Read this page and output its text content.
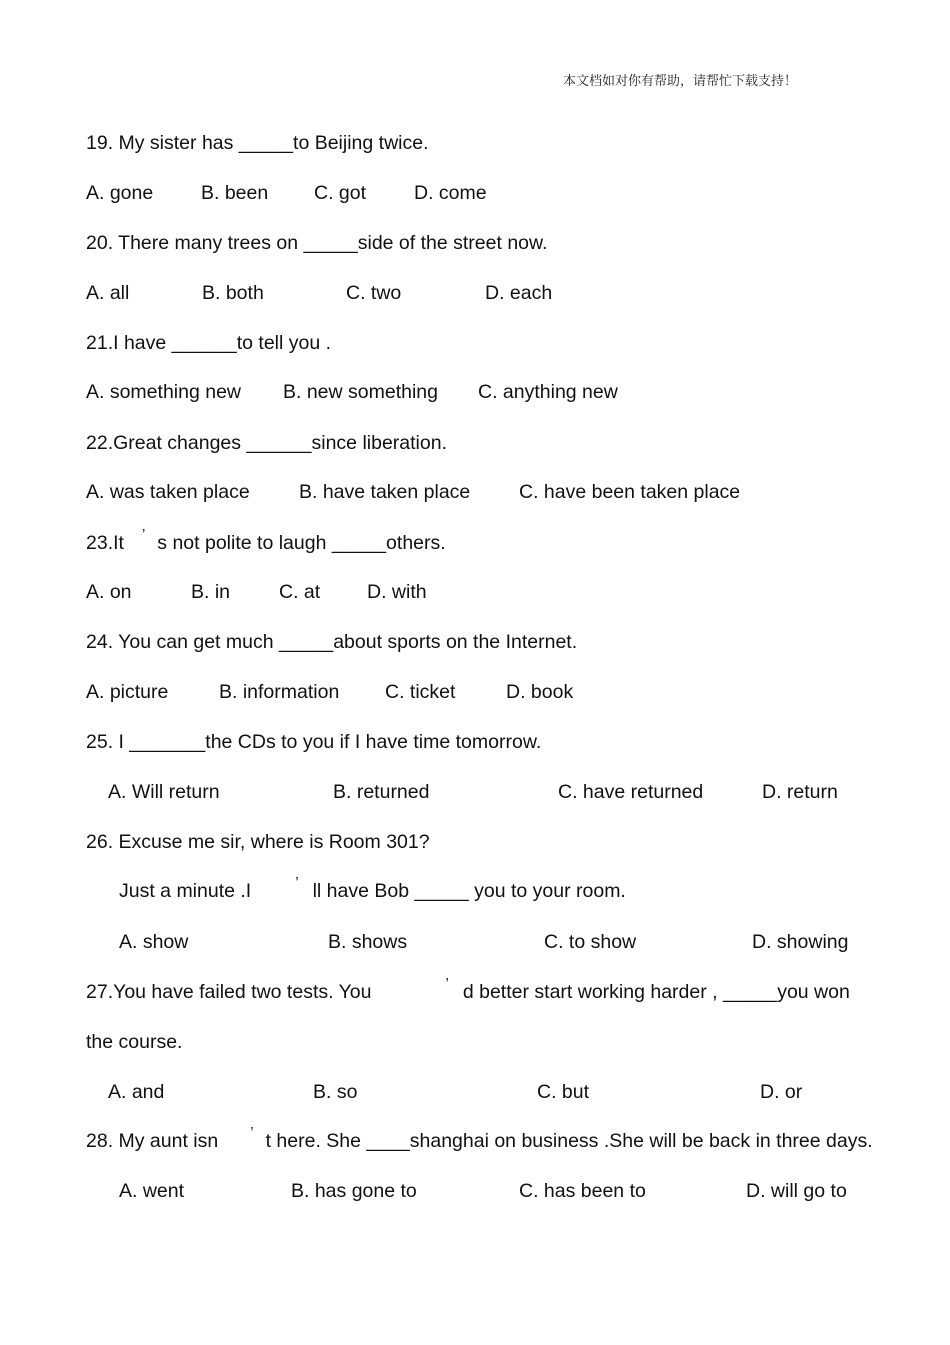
本文档如对你有帮助，请帮忙下载支持！
19. My sister has _____to Beijing twice.
A. gone B. been C. got D. come
20. There many trees on _____side of the street now.
A. all	B. both	C. two	D. each
21.I have ______to tell you .
A. something new B. new something C. anything new
22.Great changes ______since liberation.
A. was taken place	B. have taken place C. have been taken place
23.It ’ s not polite to laugh _____others.
A. on	B. in	C. at D. with
24. You can get much _____about sports on the Internet.
A. picture	B. information C. ticket	D. book
25. I _______the CDs to you if I have time tomorrow.
A. Will return	B. returned	C. have returned	D. return
26. Excuse me sir, where is Room 301?
Just a minute .I	’ ll have Bob _____ you to your room.
A. show	B. shows	C. to show	D. showing
27.You have failed two tests. You	’ d better start working harder , _____you won
the course.
A. and	B. so	C. but	D. or
28. My aunt isn ’ t here. She ____shanghai on business .She will be back in three days.
A. went	B. has gone to	C. has been to	D. will go to
